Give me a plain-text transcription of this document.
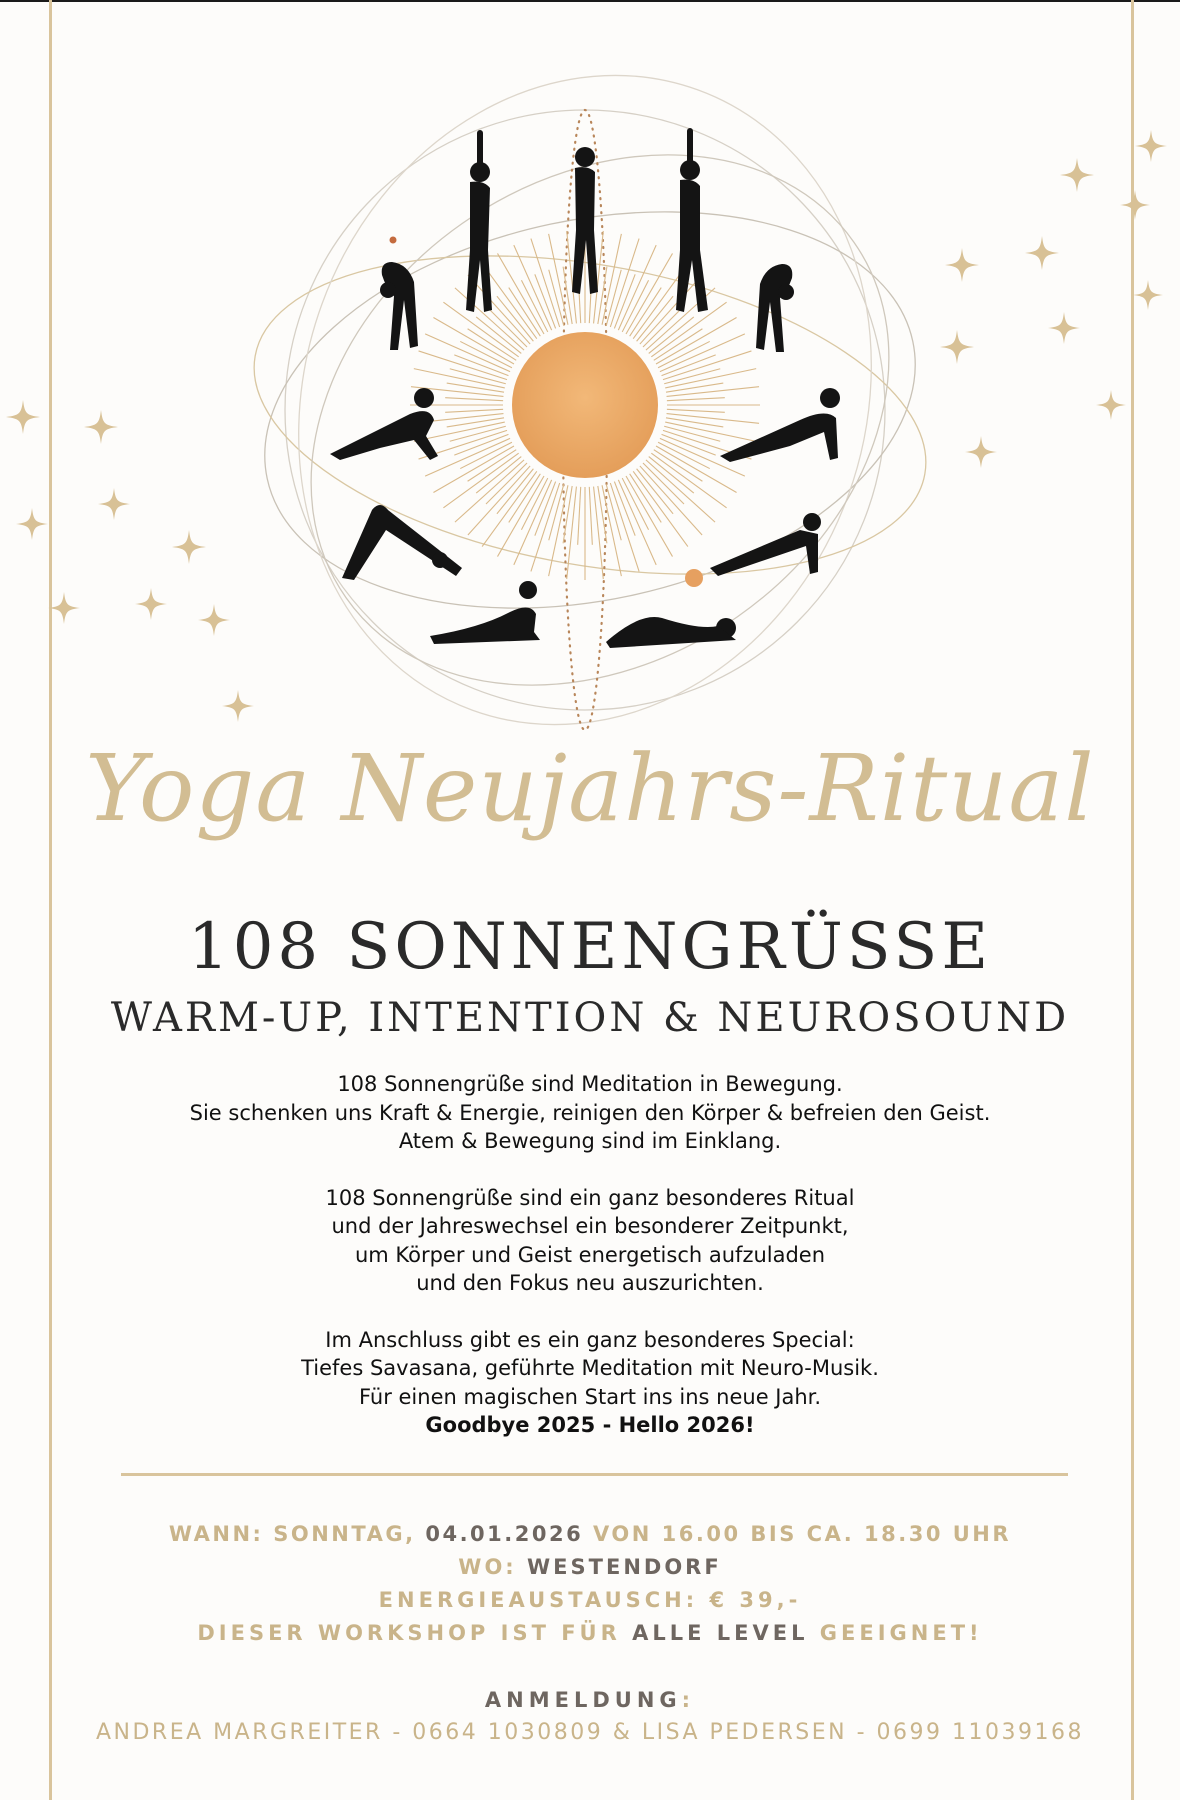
Yoga Neujahrs-Ritual
108 SONNENGRÜSSE
WARM-UP, INTENTION & NEUROSOUND

108 Sonnengrüße sind Meditation in Bewegung.
Sie schenken uns Kraft & Energie, reinigen den Körper & befreien den Geist.
Atem & Bewegung sind im Einklang.

108 Sonnengrüße sind ein ganz besonderes Ritual
und der Jahreswechsel ein besonderer Zeitpunkt,
um Körper und Geist energetisch aufzuladen
und den Fokus neu auszurichten.

Im Anschluss gibt es ein ganz besonderes Special:
Tiefes Savasana, geführte Meditation mit Neuro-Musik.
Für einen magischen Start ins ins neue Jahr.
Goodbye 2025 - Hello 2026!

WANN: SONNTAG, 04.01.2026 VON 16.00 BIS CA. 18.30 UHR
WO: WESTENDORF
ENERGIEAUSTAUSCH: € 39,-
DIESER WORKSHOP IST FÜR ALLE LEVEL GEEIGNET!
ANMELDUNG:
ANDREA MARGREITER - 0664 1030809 & LISA PEDERSEN - 0699 11039168
